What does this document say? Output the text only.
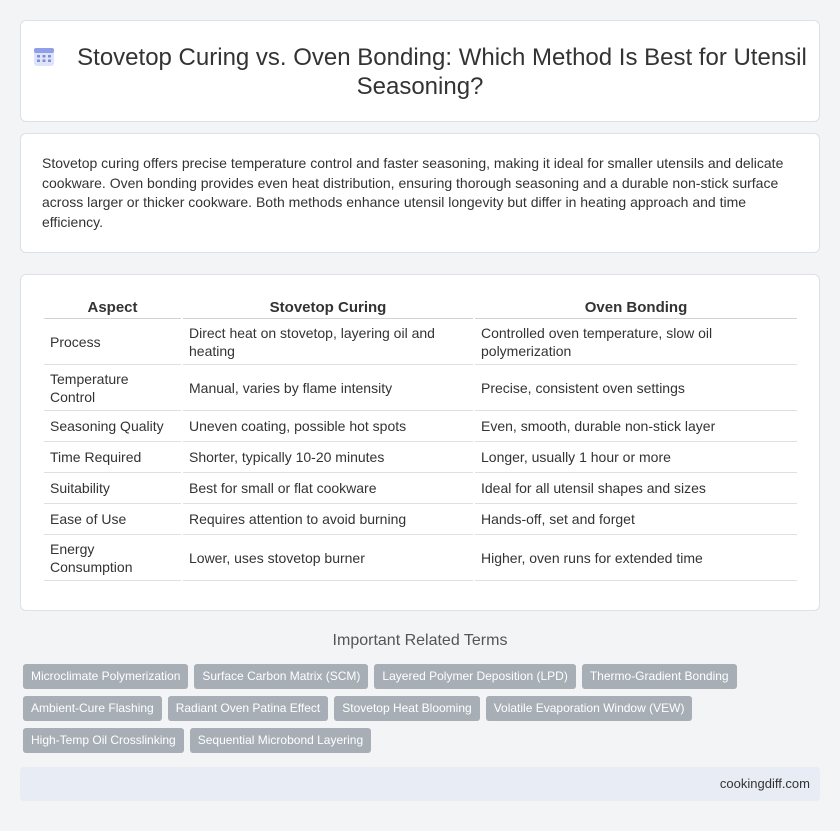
Stovetop Curing vs. Oven Bonding: Which Method Is Best for Utensil Seasoning?

Stovetop curing offers precise temperature control and faster seasoning, making it ideal for smaller utensils and delicate cookware. Oven bonding provides even heat distribution, ensuring thorough seasoning and a durable non-stick surface across larger or thicker cookware. Both methods enhance utensil longevity but differ in heating approach and time efficiency.

Aspect	Stovetop Curing	Oven Bonding
Process	Direct heat on stovetop, layering oil and heating	Controlled oven temperature, slow oil polymerization
Temperature Control	Manual, varies by flame intensity	Precise, consistent oven settings
Seasoning Quality	Uneven coating, possible hot spots	Even, smooth, durable non-stick layer
Time Required	Shorter, typically 10-20 minutes	Longer, usually 1 hour or more
Suitability	Best for small or flat cookware	Ideal for all utensil shapes and sizes
Ease of Use	Requires attention to avoid burning	Hands-off, set and forget
Energy Consumption	Lower, uses stovetop burner	Higher, oven runs for extended time
Important Related Terms
Microclimate Polymerization	Surface Carbon Matrix (SCM)	Layered Polymer Deposition (LPD)	Thermo-Gradient Bonding
Ambient-Cure Flashing	Radiant Oven Patina Effect	Stovetop Heat Blooming	Volatile Evaporation Window (VEW)
High-Temp Oil Crosslinking	Sequential Microbond Layering
cookingdiff.com
